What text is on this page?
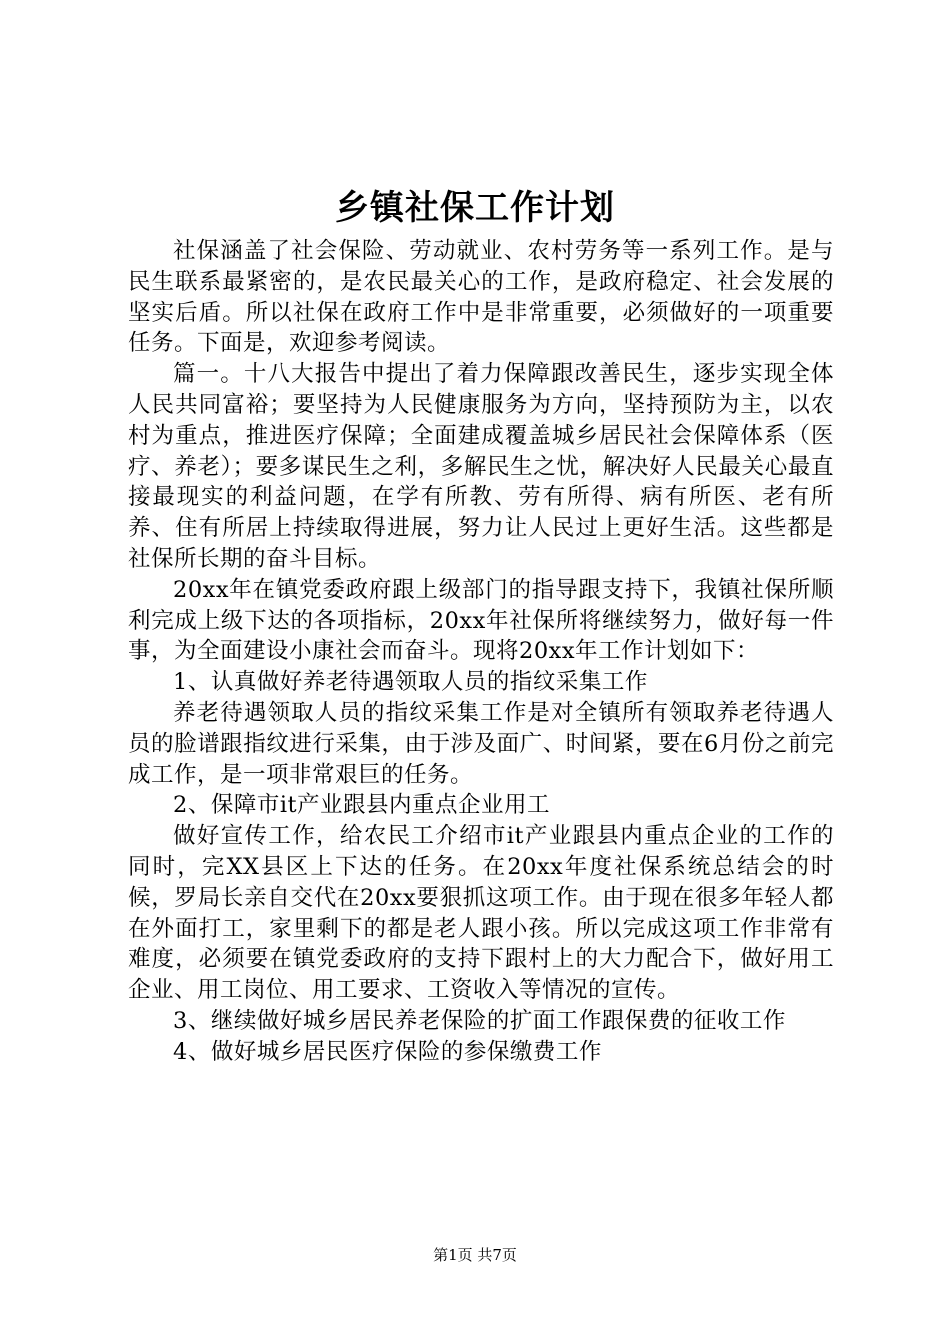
乡镇社保工作计划

社保涵盖了社会保险、劳动就业、农村劳务等一系列工作。是与民生联系最紧密的，是农民最关心的工作，是政府稳定、社会发展的坚实后盾。所以社保在政府工作中是非常重要，必须做好的一项重要任务。下面是，欢迎参考阅读。

篇一。十八大报告中提出了着力保障跟改善民生，逐步实现全体人民共同富裕；要坚持为人民健康服务为方向，坚持预防为主，以农村为重点，推进医疗保障；全面建成覆盖城乡居民社会保障体系（医疗、养老）；要多谋民生之利，多解民生之忧，解决好人民最关心最直接最现实的利益问题，在学有所教、劳有所得、病有所医、老有所养、住有所居上持续取得进展，努力让人民过上更好生活。这些都是社保所长期的奋斗目标。

20xx年在镇党委政府跟上级部门的指导跟支持下，我镇社保所顺利完成上级下达的各项指标，20xx年社保所将继续努力，做好每一件事，为全面建设小康社会而奋斗。现将20xx年工作计划如下：

1、认真做好养老待遇领取人员的指纹采集工作

养老待遇领取人员的指纹采集工作是对全镇所有领取养老待遇人员的脸谱跟指纹进行采集，由于涉及面广、时间紧，要在6月份之前完成工作，是一项非常艰巨的任务。

2、保障市it产业跟县内重点企业用工

做好宣传工作，给农民工介绍市it产业跟县内重点企业的工作的同时，完XX县区上下达的任务。在20xx年度社保系统总结会的时候，罗局长亲自交代在20xx要狠抓这项工作。由于现在很多年轻人都在外面打工，家里剩下的都是老人跟小孩。所以完成这项工作非常有难度，必须要在镇党委政府的支持下跟村上的大力配合下，做好用工企业、用工岗位、用工要求、工资收入等情况的宣传。

3、继续做好城乡居民养老保险的扩面工作跟保费的征收工作

4、做好城乡居民医疗保险的参保缴费工作

第1页 共7页
